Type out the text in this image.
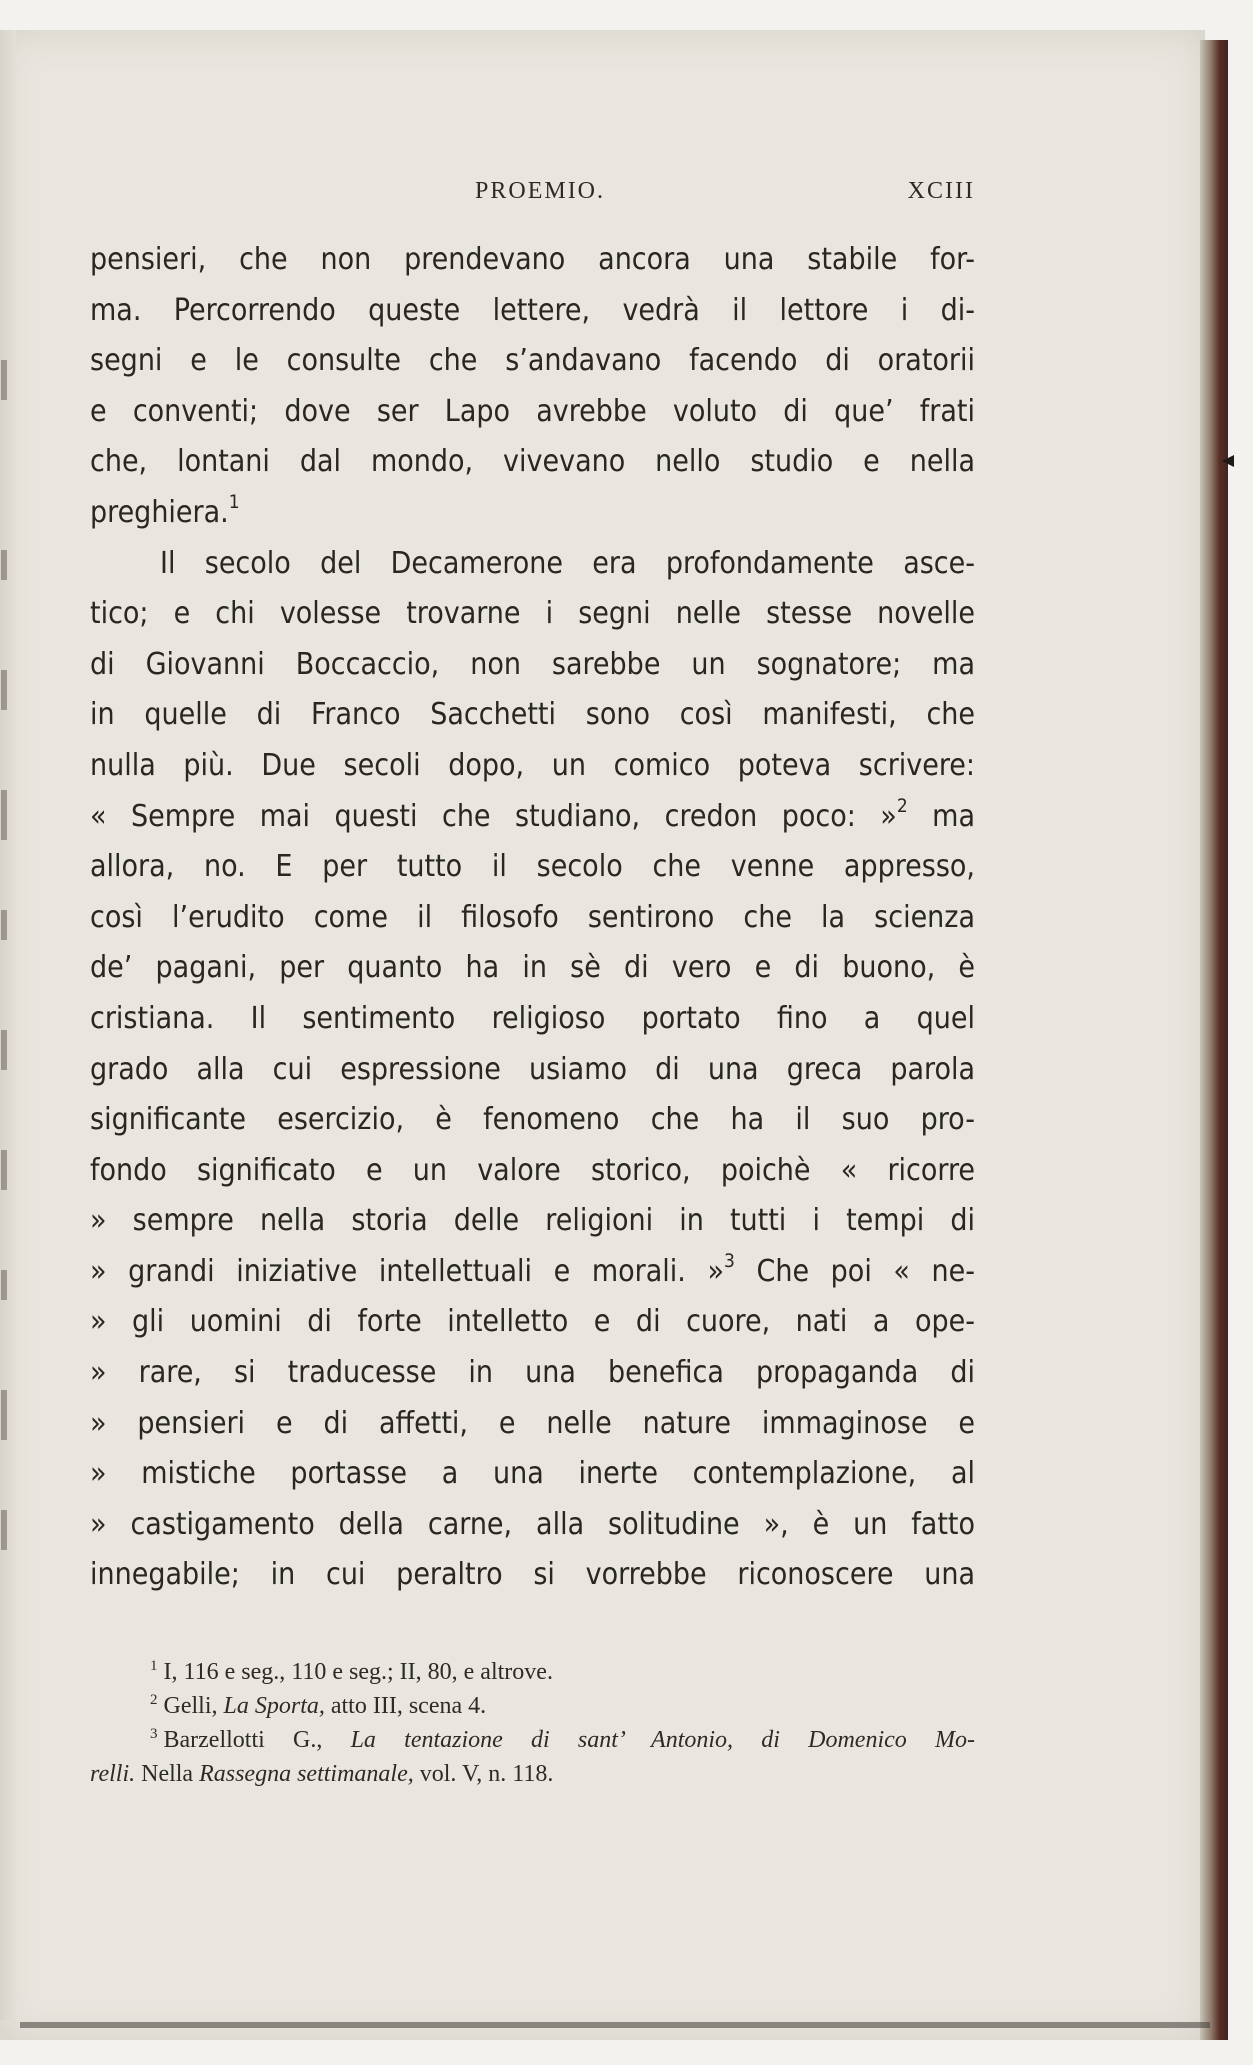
PROEMIO.	XCIII
pensieri, che non prendevano ancora una stabile for-
ma. Percorrendo queste lettere, vedrà il lettore i di-
segni e le consulte che s’andavano facendo di oratorii
e conventi; dove ser Lapo avrebbe voluto di que’ frati
che, lontani dal mondo, vivevano nello studio e nella
preghiera.$^1$
Il secolo del Decamerone era profondamente asce-
tico; e chi volesse trovarne i segni nelle stesse novelle
di Giovanni Boccaccio, non sarebbe un sognatore; ma
in quelle di Franco Sacchetti sono così manifesti, che
nulla più. Due secoli dopo, un comico poteva scrivere:
« Sempre mai questi che studiano, credon poco: »$^2$ ma
allora, no. E per tutto il secolo che venne appresso,
così l’erudito come il filosofo sentirono che la scienza
de’ pagani, per quanto ha in sè di vero e di buono, è
cristiana. Il sentimento religioso portato fino a quel
grado alla cui espressione usiamo di una greca parola
significante esercizio, è fenomeno che ha il suo pro-
fondo significato e un valore storico, poichè « ricorre
» sempre nella storia delle religioni in tutti i tempi di
» grandi iniziative intellettuali e morali. »$^3$ Che poi « ne-
» gli uomini di forte intelletto e di cuore, nati a ope-
» rare, si traducesse in una benefica propaganda di
» pensieri e di affetti, e nelle nature immaginose e
» mistiche portasse a una inerte contemplazione, al
» castigamento della carne, alla solitudine », è un fatto
innegabile; in cui peraltro si vorrebbe riconoscere una
$^1$ I, 116 e seg., 110 e seg.; II, 80, e altrove.
$^2$ Gelli, La Sporta, atto III, scena 4.
$^3$ Barzellotti G., La tentazione di sant’ Antonio, di Domenico Mo-
relli. Nella Rassegna settimanale, vol. V, n. 118.
